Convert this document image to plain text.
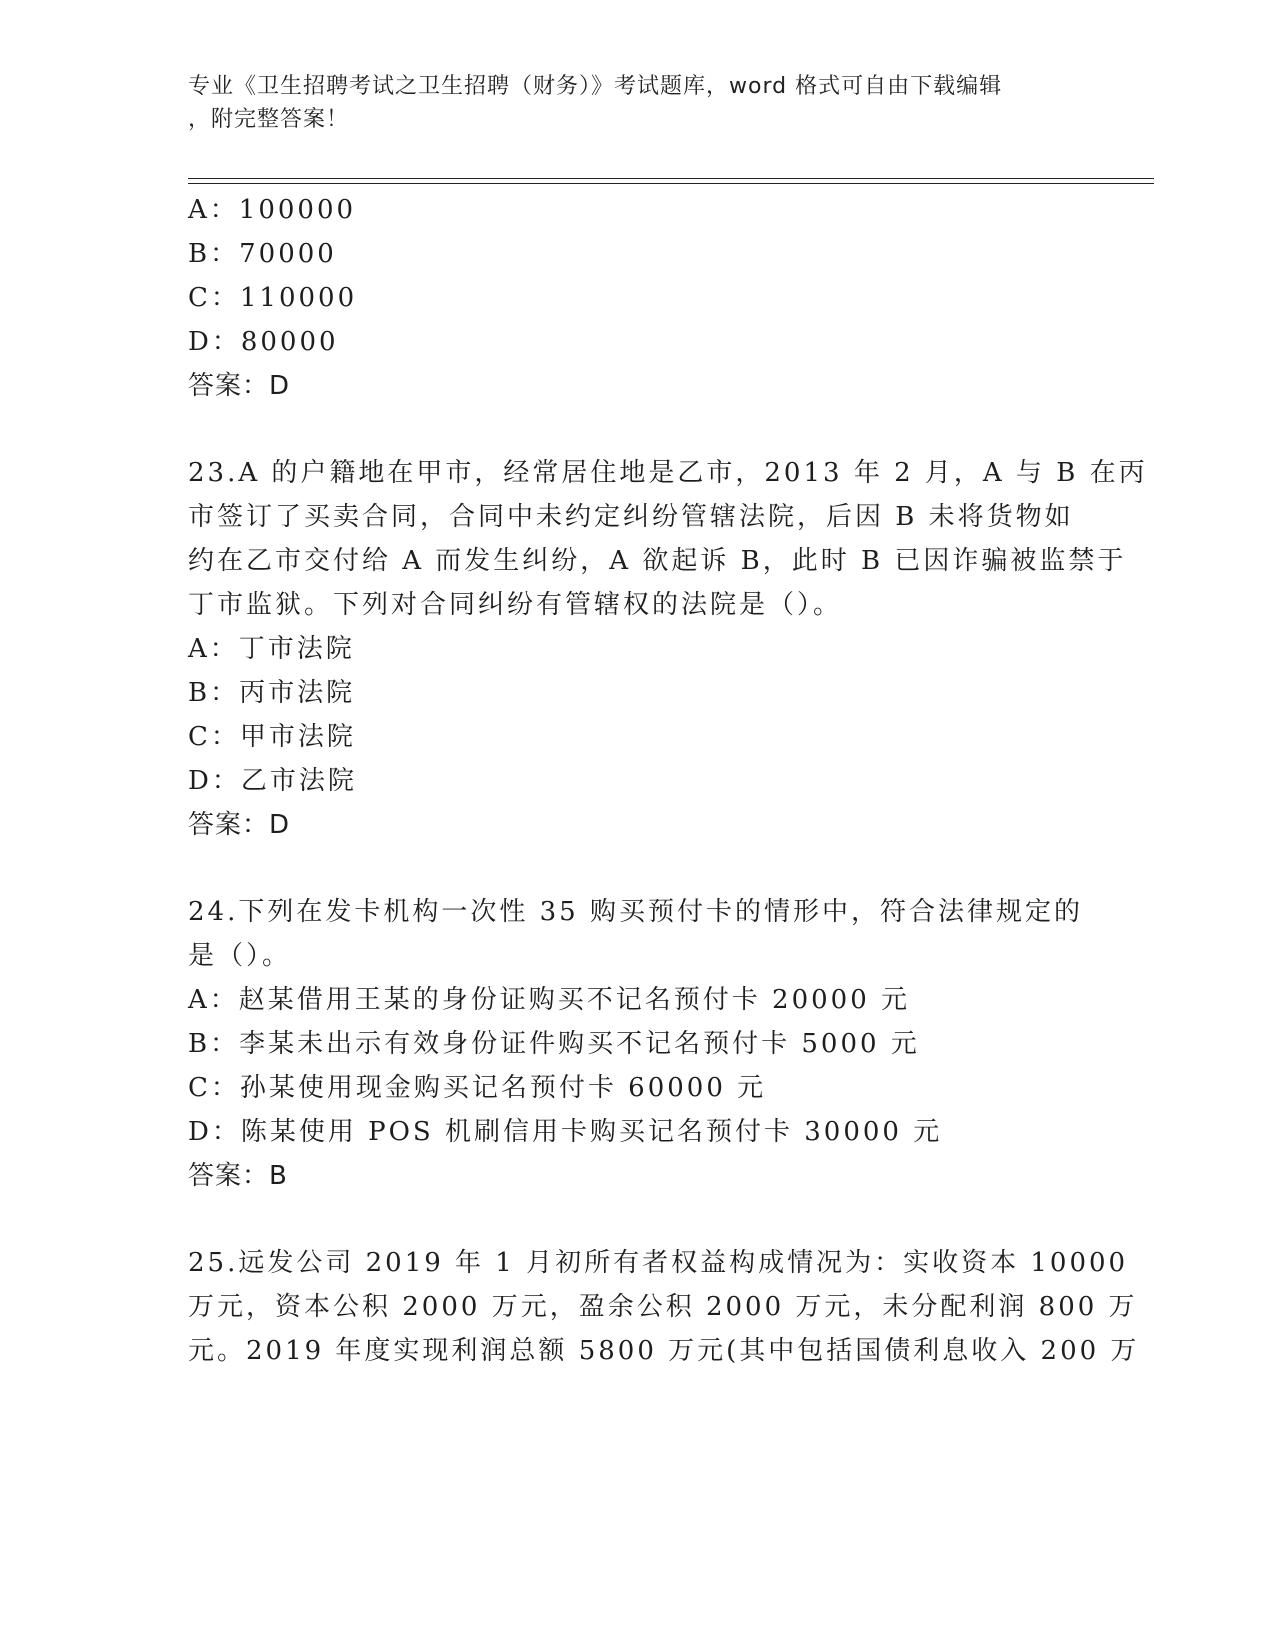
专业《卫生招聘考试之卫生招聘（财务）》考试题库，word 格式可自由下载编辑
，附完整答案！
A：100000
B：70000
C：110000
D：80000
答案：D
23.A 的户籍地在甲市，经常居住地是乙市，2013 年 2 月，A 与 B 在丙
市签订了买卖合同，合同中未约定纠纷管辖法院，后因 B 未将货物如
约在乙市交付给 A 而发生纠纷，A 欲起诉 B，此时 B 已因诈骗被监禁于
丁市监狱。下列对合同纠纷有管辖权的法院是（）。
A：丁市法院
B：丙市法院
C：甲市法院
D：乙市法院
答案：D
24.下列在发卡机构一次性 35 购买预付卡的情形中，符合法律规定的
是（）。
A：赵某借用王某的身份证购买不记名预付卡 20000 元
B：李某未出示有效身份证件购买不记名预付卡 5000 元
C：孙某使用现金购买记名预付卡 60000 元
D：陈某使用 POS 机刷信用卡购买记名预付卡 30000 元
答案：B
25.远发公司 2019 年 1 月初所有者权益构成情况为：实收资本 10000
万元，资本公积 2000 万元，盈余公积 2000 万元，未分配利润 800 万
元。2019 年度实现利润总额 5800 万元(其中包括国债利息收入 200 万
